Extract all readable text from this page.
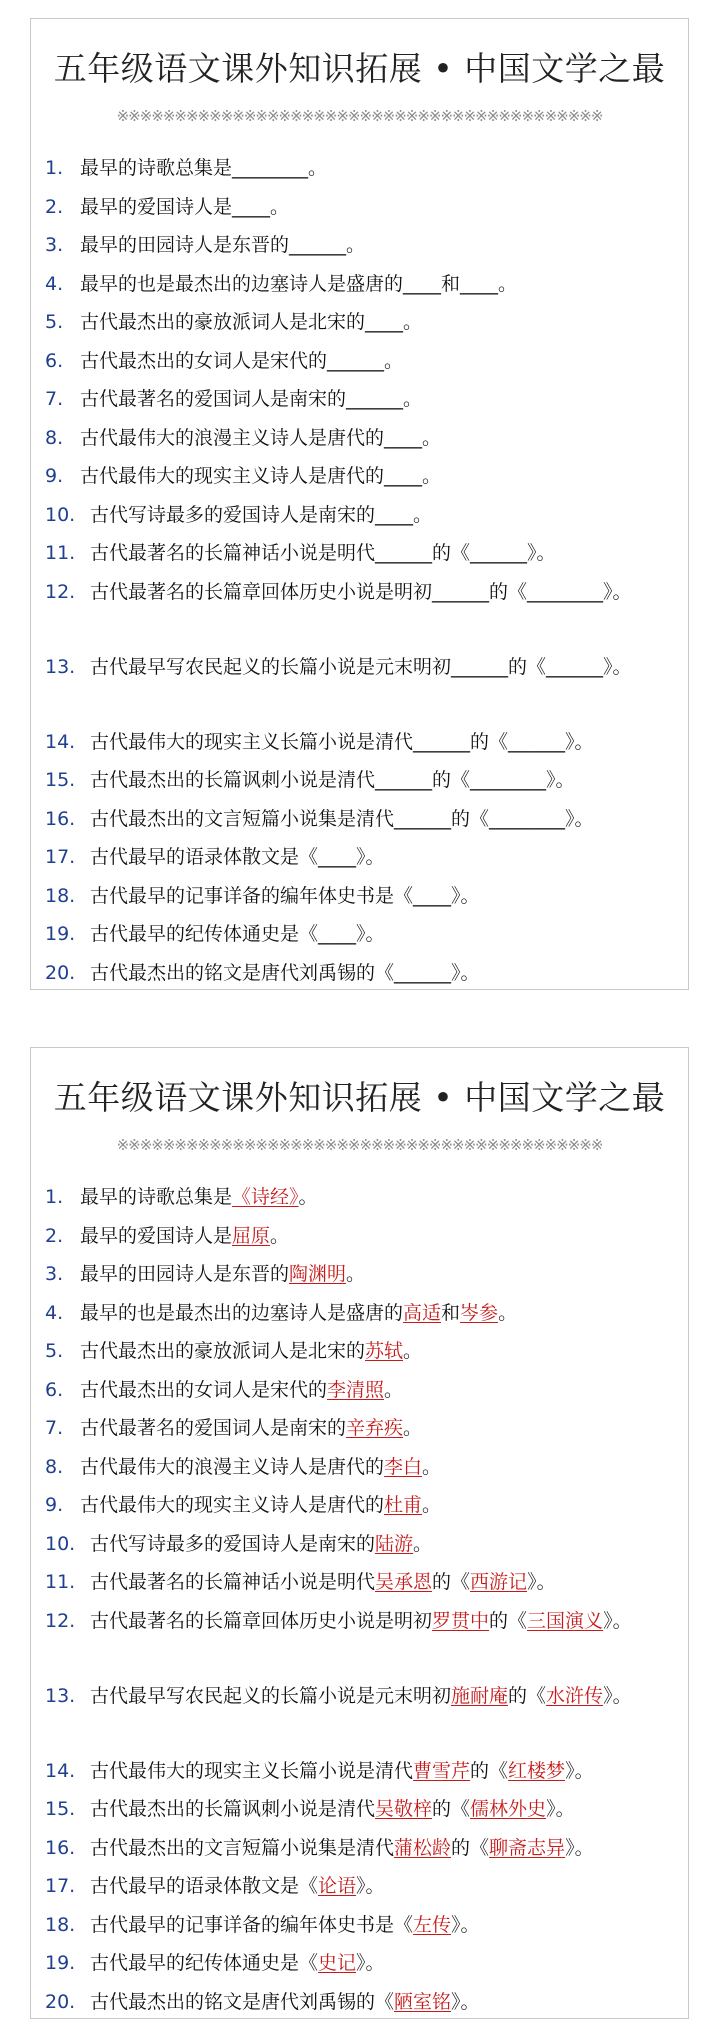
五年级语文课外知识拓展 • 中国文学之最
※※※※※※※※※※※※※※※※※※※※※※※※※※※※※※※※※※※※※※※※※※
1. 最早的诗歌总集是________。
2. 最早的爱国诗人是____。
3. 最早的田园诗人是东晋的______。
4. 最早的也是最杰出的边塞诗人是盛唐的____和____。
5. 古代最杰出的豪放派词人是北宋的____。
6. 古代最杰出的女词人是宋代的______。
7. 古代最著名的爱国词人是南宋的______。
8. 古代最伟大的浪漫主义诗人是唐代的____。
9. 古代最伟大的现实主义诗人是唐代的____。
10. 古代写诗最多的爱国诗人是南宋的____。
11. 古代最著名的长篇神话小说是明代______的《______》。
12. 古代最著名的长篇章回体历史小说是明初______的《________》。
13. 古代最早写农民起义的长篇小说是元末明初______的《______》。
14. 古代最伟大的现实主义长篇小说是清代______的《______》。
15. 古代最杰出的长篇讽刺小说是清代______的《________》。
16. 古代最杰出的文言短篇小说集是清代______的《________》。
17. 古代最早的语录体散文是《____》。
18. 古代最早的记事详备的编年体史书是《____》。
19. 古代最早的纪传体通史是《____》。
20. 古代最杰出的铭文是唐代刘禹锡的《______》。
五年级语文课外知识拓展 • 中国文学之最
※※※※※※※※※※※※※※※※※※※※※※※※※※※※※※※※※※※※※※※※※※
1. 最早的诗歌总集是《诗经》。
2. 最早的爱国诗人是屈原。
3. 最早的田园诗人是东晋的陶渊明。
4. 最早的也是最杰出的边塞诗人是盛唐的高适和岑参。
5. 古代最杰出的豪放派词人是北宋的苏轼。
6. 古代最杰出的女词人是宋代的李清照。
7. 古代最著名的爱国词人是南宋的辛弃疾。
8. 古代最伟大的浪漫主义诗人是唐代的李白。
9. 古代最伟大的现实主义诗人是唐代的杜甫。
10. 古代写诗最多的爱国诗人是南宋的陆游。
11. 古代最著名的长篇神话小说是明代吴承恩的《西游记》。
12. 古代最著名的长篇章回体历史小说是明初罗贯中的《三国演义》。
13. 古代最早写农民起义的长篇小说是元末明初施耐庵的《水浒传》。
14. 古代最伟大的现实主义长篇小说是清代曹雪芹的《红楼梦》。
15. 古代最杰出的长篇讽刺小说是清代吴敬梓的《儒林外史》。
16. 古代最杰出的文言短篇小说集是清代蒲松龄的《聊斋志异》。
17. 古代最早的语录体散文是《论语》。
18. 古代最早的记事详备的编年体史书是《左传》。
19. 古代最早的纪传体通史是《史记》。
20. 古代最杰出的铭文是唐代刘禹锡的《陋室铭》。
